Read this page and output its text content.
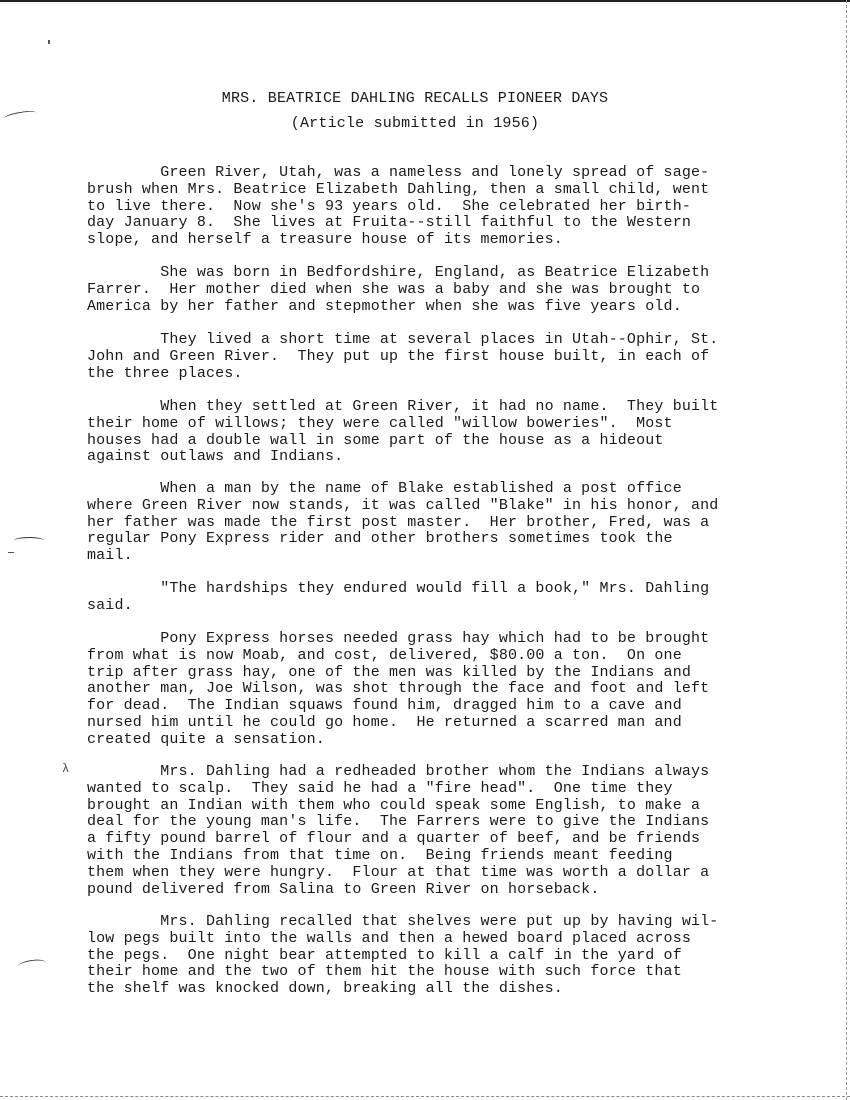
λ
MRS. BEATRICE DAHLING RECALLS PIONEER DAYS
(Article submitted in 1956)

Green River, Utah, was a nameless and lonely spread of sage-
brush when Mrs. Beatrice Elizabeth Dahling, then a small child, went
to live there.  Now she's 93 years old.  She celebrated her birth-
day January 8.  She lives at Fruita--still faithful to the Western
slope, and herself a treasure house of its memories.

She was born in Bedfordshire, England, as Beatrice Elizabeth
Farrer.  Her mother died when she was a baby and she was brought to
America by her father and stepmother when she was five years old.

They lived a short time at several places in Utah--Ophir, St.
John and Green River.  They put up the first house built, in each of
the three places.

When they settled at Green River, it had no name.  They built
their home of willows; they were called "willow boweries".  Most
houses had a double wall in some part of the house as a hideout
against outlaws and Indians.

When a man by the name of Blake established a post office
where Green River now stands, it was called "Blake" in his honor, and
her father was made the first post master.  Her brother, Fred, was a
regular Pony Express rider and other brothers sometimes took the
mail.

"The hardships they endured would fill a book," Mrs. Dahling
said.

Pony Express horses needed grass hay which had to be brought
from what is now Moab, and cost, delivered, $80.00 a ton.  On one
trip after grass hay, one of the men was killed by the Indians and
another man, Joe Wilson, was shot through the face and foot and left
for dead.  The Indian squaws found him, dragged him to a cave and
nursed him until he could go home.  He returned a scarred man and
created quite a sensation.

Mrs. Dahling had a redheaded brother whom the Indians always
wanted to scalp.  They said he had a "fire head".  One time they
brought an Indian with them who could speak some English, to make a
deal for the young man's life.  The Farrers were to give the Indians
a fifty pound barrel of flour and a quarter of beef, and be friends
with the Indians from that time on.  Being friends meant feeding
them when they were hungry.  Flour at that time was worth a dollar a
pound delivered from Salina to Green River on horseback.

Mrs. Dahling recalled that shelves were put up by having wil-
low pegs built into the walls and then a hewed board placed across
the pegs.  One night bear attempted to kill a calf in the yard of
their home and the two of them hit the house with such force that
the shelf was knocked down, breaking all the dishes.
